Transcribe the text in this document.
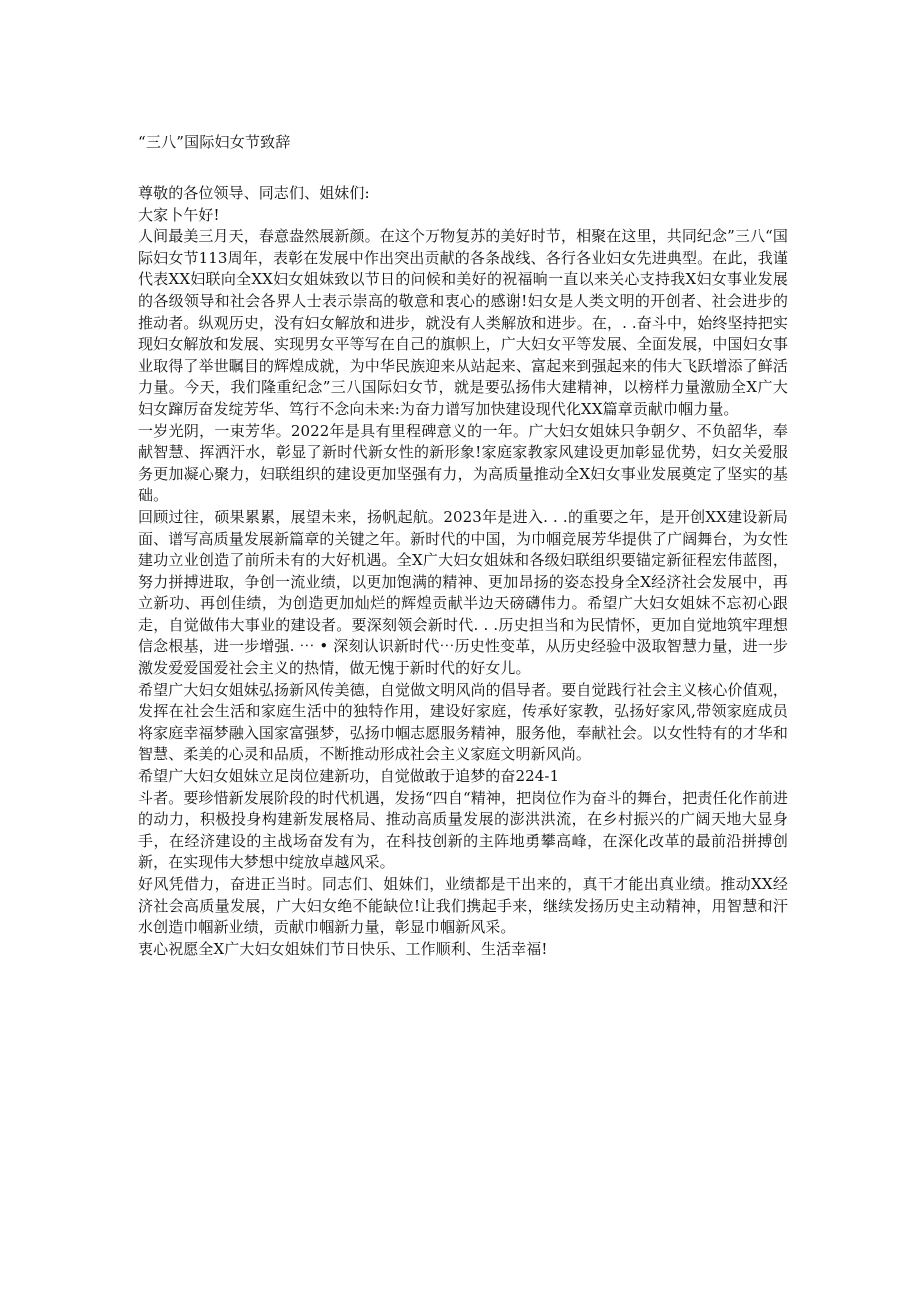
“三八”国际妇女节致辞

尊敬的各位领导、同志们、姐妹们:

大家卜午好!

人间最美三月天，春意盎然展新颜。在这个万物复苏的美好时节，相聚在这里，共同纪念”三八“国际妇女节113周年，表彰在发展中作出突出贡献的各条战线、各行各业妇女先进典型。在此，我谨代表XX妇联向全XX妇女姐妹致以节日的问候和美好的祝福晌一直以来关心支持我X妇女事业发展的各级领导和社会各界人士表示崇高的敬意和衷心的感谢!妇女是人类文明的开创者、社会进步的推动者。纵观历史，没有妇女解放和进步，就没有人类解放和进步。在，. .奋斗中，始终坚持把实现妇女解放和发展、实现男女平等写在自己的旗帜上，广大妇女平等发展、全面发展，中国妇女事业取得了举世瞩目的辉煌成就，为中华民族迎来从站起来、富起来到强起来的伟大飞跃增添了鲜活力量。今天，我们隆重纪念”三八国际妇女节，就是要弘扬伟大建精神，以榜样力量激励全X广大妇女蹿厉奋发绽芳华、笃行不念向未来:为奋力谱写加快建设现代化XX篇章贡献巾帼力量。

一岁光阴，一束芳华。2022年是具有里程碑意义的一年。广大妇女姐妹只争朝夕、不负韶华，奉献智慧、挥洒汗水，彰显了新时代新女性的新形象!家庭家教家风建设更加彰显优势，妇女关爱服务更加凝心聚力，妇联组织的建设更加坚强有力，为高质量推动全X妇女事业发展奠定了坚实的基础。

回顾过往，硕果累累，展望未来，扬帆起航。2023年是进入. . .的重要之年，是开创XX建设新局面、谱写高质量发展新篇章的关键之年。新时代的中国，为巾帼竞展芳华提供了广阔舞台，为女性建功立业创造了前所未有的大好机遇。全X广大妇女姐妹和各级妇联组织要锚定新征程宏伟蓝图，努力拼搏进取，争创一流业绩，以更加饱满的精神、更加昂扬的姿态投身全X经济社会发展中，再立新功、再创佳绩，为创造更加灿烂的辉煌贡献半边天磅礴伟力。希望广大妇女姐妹不忘初心跟走，自觉做伟大事业的建设者。要深刻领会新时代. . .历史担当和为民情怀，更加自觉地筑牢理想信念根基，进一步增强. ⋯ • 深刻认识新时代⋯历史性变革，从历史经验中汲取智慧力量，进一步激发爱爱国爱社会主义的热情，做无愧于新时代的好女儿。

希望广大妇女姐妹弘扬新风传美德，自觉做文明风尚的倡导者。要自觉践行社会主义核心价值观，发挥在社会生活和家庭生活中的独特作用，建设好家庭，传承好家教，弘扬好家风,带领家庭成员将家庭幸福梦融入国家富强梦，弘扬巾帼志愿服务精神，服务他，奉献社会。以女性特有的才华和智慧、柔美的心灵和品质，不断推动形成社会主义家庭文明新风尚。

希望广大妇女姐妹立足岗位建新功，自觉做敢于追梦的奋224-1

斗者。要珍惜新发展阶段的时代机遇，发扬“四自“精神，把岗位作为奋斗的舞台，把责任化作前进的动力，积极投身构建新发展格局、推动高质量发展的澎洪洪流，在乡村振兴的广阔天地大显身手，在经济建设的主战场奋发有为，在科技创新的主阵地勇攀高峰，在深化改革的最前沿拼搏创新，在实现伟大梦想中绽放卓越风采。

好风凭借力，奋进正当时。同志们、姐妹们，业绩都是干出来的，真干才能出真业绩。推动XX经济社会高质量发展，广大妇女绝不能缺位!让我们携起手来，继续发扬历史主动精神，用智慧和汗水创造巾帼新业绩，贡献巾帼新力量，彰显巾帼新风采。

衷心祝愿全X广大妇女姐妹们节日快乐、工作顺利、生活幸福!
